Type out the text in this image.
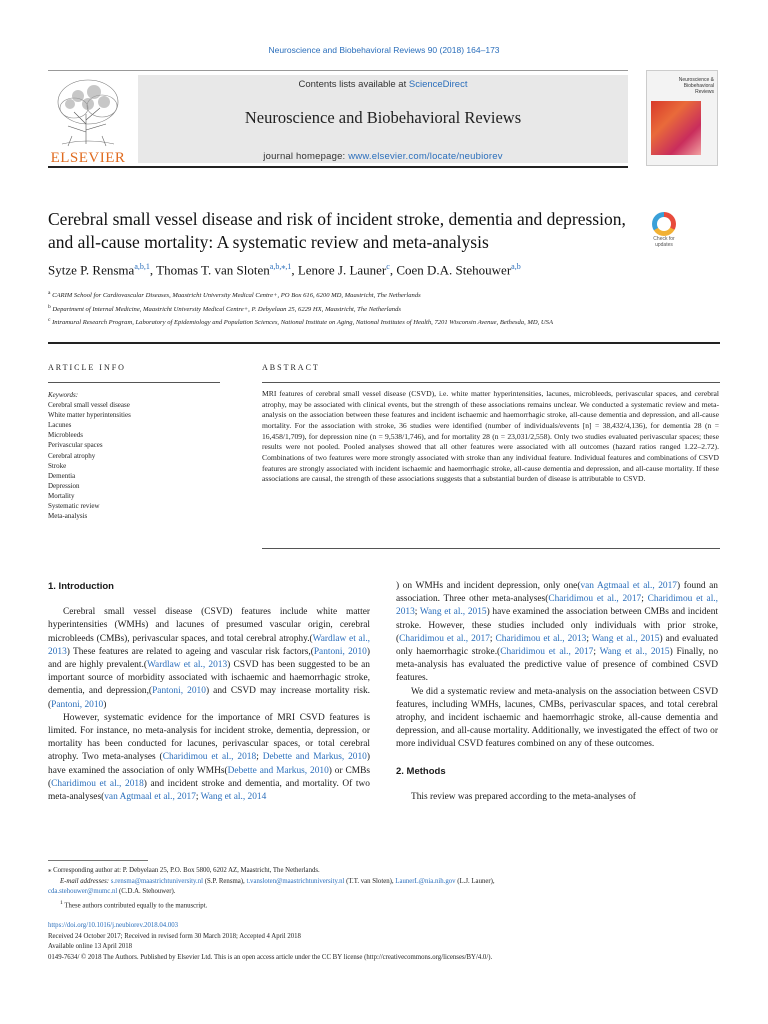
Neuroscience and Biobehavioral Reviews 90 (2018) 164–173
ELSEVIER
Contents lists available at ScienceDirect
Neuroscience and Biobehavioral Reviews
journal homepage: www.elsevier.com/locate/neubiorev
Neuroscience & Biobehavioral Reviews
Cerebral small vessel disease and risk of incident stroke, dementia and depression, and all-cause mortality: A systematic review and meta-analysis	Check for updates
Sytze P. Rensma$^{a,b,1}$, Thomas T. van Sloten$^{a,b,⁎,1}$, Lenore J. Launer$^c$, Coen D.A. Stehouwer$^{a,b}$
$^a$ CARIM School for Cardiovascular Diseases, Maastricht University Medical Centre+, PO Box 616, 6200 MD, Maastricht, The Netherlands
$^b$ Department of Internal Medicine, Maastricht University Medical Centre+, P. Debyelaan 25, 6229 HX, Maastricht, The Netherlands
$^c$ Intramural Research Program, Laboratory of Epidemiology and Population Sciences, National Institute on Aging, National Institutes of Health, 7201 Wisconsin Avenue, Bethesda, MD, USA
ARTICLE INFO	ABSTRACT
Keywords:
Cerebral small vessel disease
White matter hyperintensities
Lacunes
Microbleeds
Perivascular spaces
Cerebral atrophy
Stroke
Dementia
Depression
Mortality
Systematic review
Meta-analysis
MRI features of cerebral small vessel disease (CSVD), i.e. white matter hyperintensities, lacunes, microbleeds, perivascular spaces, and cerebral atrophy, may be associated with clinical events, but the strength of these associations remains unclear. We conducted a systematic review and meta-analysis on the association between these features and incident ischaemic and haemorrhagic stroke, all-cause dementia and depression, and all-cause mortality. For the association with stroke, 36 studies were identified (number of individuals/events [n] = 38,432/4,136), for dementia 28 (n = 16,458/1,709), for depression nine (n = 9,538/1,746), and for mortality 28 (n = 23,031/2,558). Only two studies evaluated perivascular spaces; these results were not pooled. Pooled analyses showed that all other features were associated with all outcomes (hazard ratios ranged 1.22–2.72). Combinations of two features were more strongly associated with stroke than any individual feature. Individual features and combinations of CSVD features are strongly associated with incident ischaemic and haemorrhagic stroke, all-cause dementia and depression, and all-cause mortality. If these associations are causal, the strength of these associations suggests that a substantial burden of disease is attributable to CSVD.
1. Introduction

Cerebral small vessel disease (CSVD) features include white matter hyperintensities (WMHs) and lacunes of presumed vascular origin, cerebral microbleeds (CMBs), perivascular spaces, and total cerebral atrophy.(Wardlaw et al., 2013) These features are related to ageing and vascular risk factors,(Pantoni, 2010) and are highly prevalent.(Wardlaw et al., 2013) CSVD has been suggested to be an important source of morbidity associated with ischaemic and haemorrhagic stroke, dementia, and depression,(Pantoni, 2010) and CSVD may increase mortality risk.(Pantoni, 2010)

However, systematic evidence for the importance of MRI CSVD features is limited. For instance, no meta-analysis for incident stroke, dementia, depression, or mortality has been conducted for lacunes, perivascular spaces, or total cerebral atrophy. Two meta-analyses (Charidimou et al., 2018; Debette and Markus, 2010) have examined the association of only WMHs(Debette and Markus, 2010) or CMBs (Charidimou et al., 2018) and incident stroke and dementia, and mortality. Of two meta-analyses(van Agtmaal et al., 2017; Wang et al., 2014

) on WMHs and incident depression, only one(van Agtmaal et al., 2017) found an association. Three other meta-analyses(Charidimou et al., 2017; Charidimou et al., 2013; Wang et al., 2015) have examined the association between CMBs and incident stroke. However, these studies included only individuals with prior stroke,(Charidimou et al., 2017; Charidimou et al., 2013; Wang et al., 2015) and evaluated only haemorrhagic stroke.(Charidimou et al., 2017; Wang et al., 2015) Finally, no meta-analysis has evaluated the predictive value of presence of combined CSVD features.

We did a systematic review and meta-analysis on the association between CSVD features, including WMHs, lacunes, CMBs, perivascular spaces, and total cerebral atrophy, and incident ischaemic and haemorrhagic stroke, all-cause dementia and depression, and all-cause mortality. Additionally, we investigated the effect of two or more individual CSVD features combined on any of these outcomes.

2. Methods

This review was prepared according to the meta-analyses of

⁎ Corresponding author at: P. Debyelaan 25, P.O. Box 5800, 6202 AZ, Maastricht, The Netherlands.
E-mail addresses: s.rensma@maastrichtuniversity.nl (S.P. Rensma), t.vansloten@maastrichtuniversity.nl (T.T. van Sloten), LaunerL@nia.nih.gov (L.J. Launer),
cda.stehouwer@mumc.nl (C.D.A. Stehouwer).
$^1$ These authors contributed equally to the manuscript.
https://doi.org/10.1016/j.neubiorev.2018.04.003
Received 24 October 2017; Received in revised form 30 March 2018; Accepted 4 April 2018
Available online 13 April 2018
0149-7634/ © 2018 The Authors. Published by Elsevier Ltd. This is an open access article under the CC BY license (http://creativecommons.org/licenses/BY/4.0/).
